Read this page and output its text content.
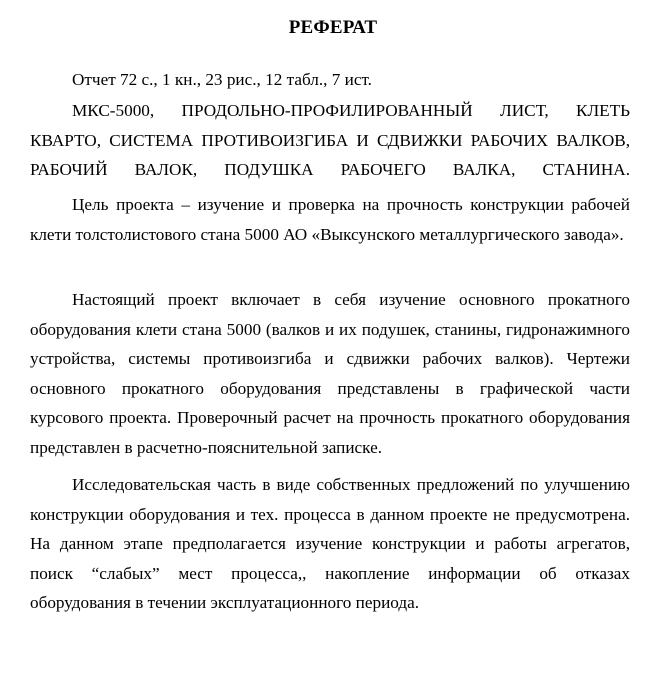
РЕФЕРАТ

Отчет 72 с., 1 кн., 23 рис., 12 табл., 7 ист.

МКС-5000, ПРОДОЛЬНО-ПРОФИЛИРОВАННЫЙ ЛИСТ, КЛЕТЬ КВАРТО, СИСТЕМА ПРОТИВОИЗГИБА И СДВИЖКИ РАБОЧИХ ВАЛКОВ, РАБОЧИЙ ВАЛОК, ПОДУШКА РАБОЧЕГО ВАЛКА, СТАНИНА.

Цель проекта – изучение и проверка на прочность конструкции рабочей клети толстолистового стана 5000 АО «Выксунского металлургического завода».

Настоящий проект включает в себя изучение основного прокатного оборудования клети стана 5000 (валков и их подушек, станины, гидронажимного устройства, системы противоизгиба и сдвижки рабочих валков). Чертежи основного прокатного оборудования представлены в графической части курсового проекта. Проверочный расчет на прочность прокатного оборудования представлен в расчетно-пояснительной записке.

Исследовательская часть в виде собственных предложений по улучшению конструкции оборудования и тех. процесса в данном проекте не предусмотрена. На данном этапе предполагается изучение конструкции и работы агрегатов, поиск “слабых” мест процесса,, накопление информации об отказах оборудования в течении эксплуатационного периода.
